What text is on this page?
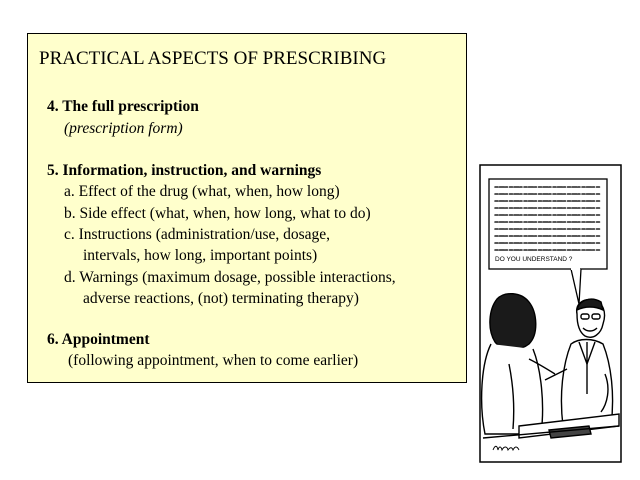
PRACTICAL ASPECTS OF PRESCRIBING
4. The full prescription
(prescription form)
5. Information, instruction, and warnings
a. Effect of the drug (what, when, how long)
b. Side effect (what, when, how long, what to do)
c. Instructions (administration/use, dosage,
intervals, how long, important points)
d. Warnings (maximum dosage, possible interactions,
adverse reactions, (not) terminating therapy)
6. Appointment
(following appointment, when to come earlier)
DO YOU UNDERSTAND ?
